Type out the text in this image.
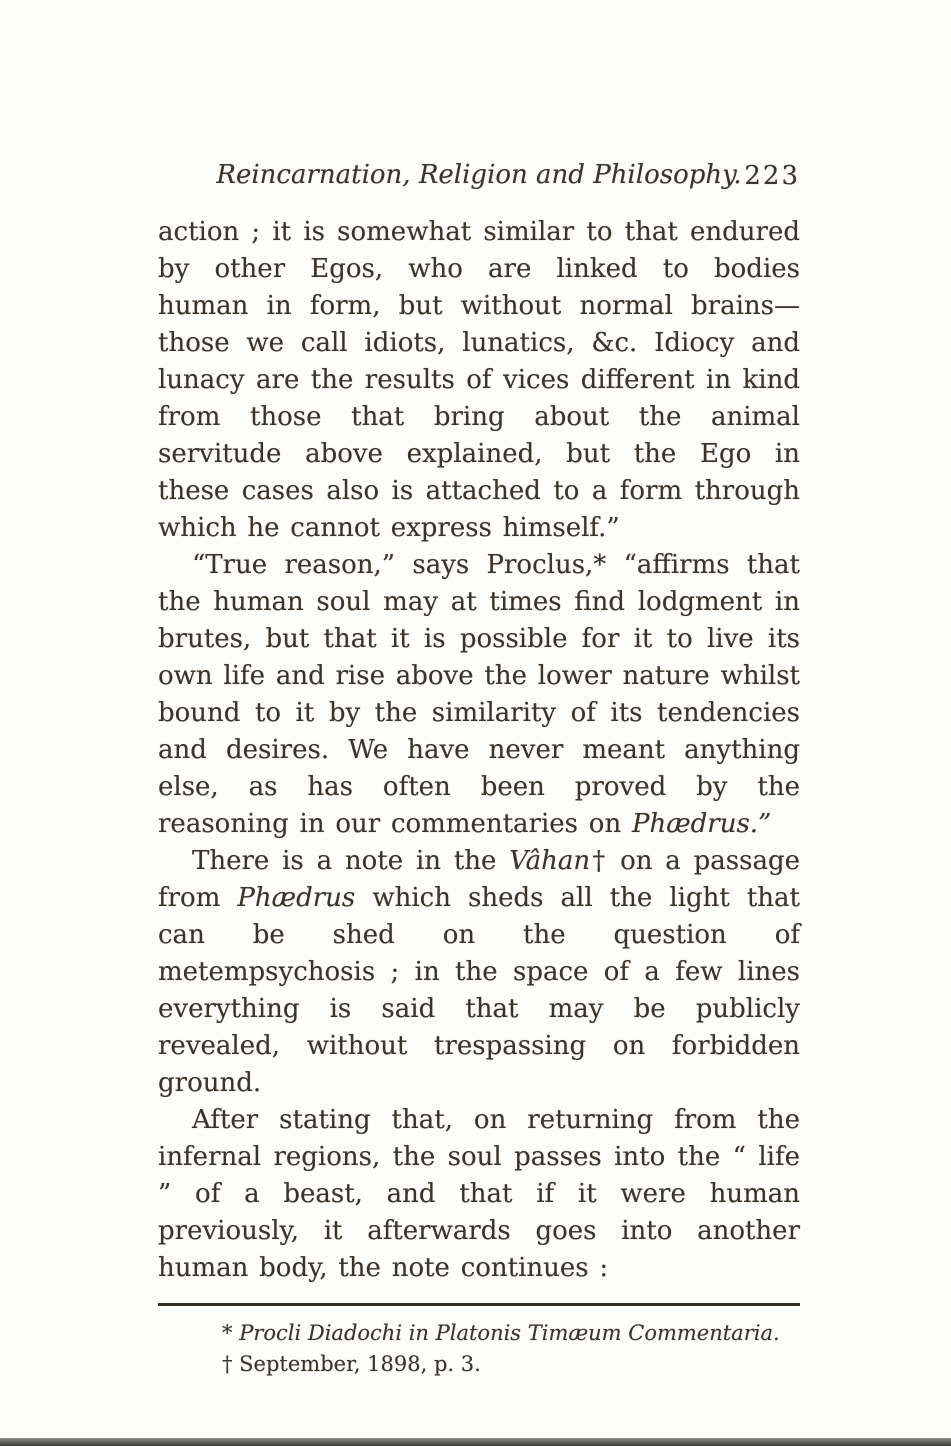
Reincarnation, Religion and Philosophy. 223

action ; it is somewhat similar to that endured by other Egos, who are linked to bodies human in form, but without normal brains—those we call idiots, lunatics, &c. Idiocy and lunacy are the results of vices different in kind from those that bring about the animal servitude above explained, but the Ego in these cases also is attached to a form through which he cannot express himself.”

“True reason,” says Proclus,* “affirms that the human soul may at times find lodgment in brutes, but that it is possible for it to live its own life and rise above the lower nature whilst bound to it by the similarity of its tendencies and desires. We have never meant anything else, as has often been proved by the reasoning in our commentaries on Phædrus.”

There is a note in the Vâhan† on a passage from Phædrus which sheds all the light that can be shed on the question of metempsychosis ; in the space of a few lines everything is said that may be publicly revealed, without trespassing on forbidden ground.

After stating that, on returning from the infernal regions, the soul passes into the “ life ” of a beast, and that if it were human previously, it afterwards goes into another human body, the note continues :

* Procli Diadochi in Platonis Timæum Commentaria.
† September, 1898, p. 3.
